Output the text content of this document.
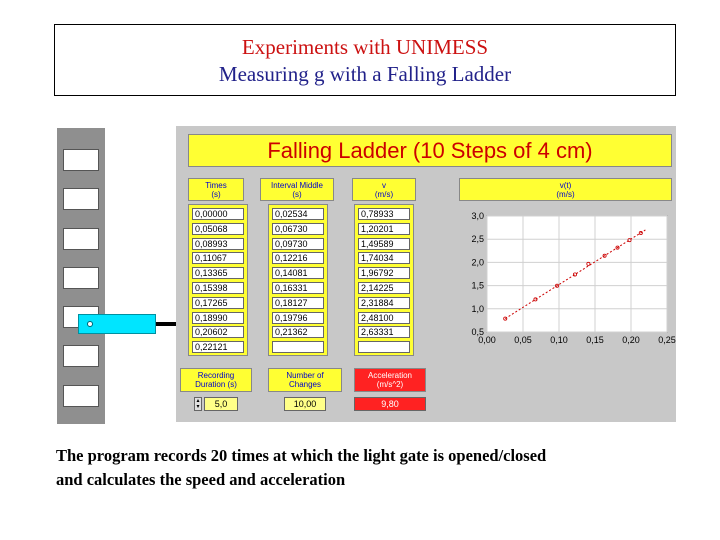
Experiments with UNIMESS
Measuring g with a Falling Ladder
Falling Ladder (10 Steps of 4 cm)
Times
(s)
Interval Middle
(s)
v
(m/s)
v(t)
(m/s)
0,00000
0,05068
0,08993
0,11067
0,13365
0,15398
0,17265
0,18990
0,20602
0,22121
0,02534
0,06730
0,09730
0,12216
0,14081
0,16331
0,18127
0,19796
0,21362
0,78933
1,20201
1,49589
1,74034
1,96792
2,14225
2,31884
2,48100
2,63331
3,0
2,5
2,0
1,5
1,0
0,5
0,00 0,05 0,10 0,15 0,20 0,25
Recording
Duration (s)
▴
▾	5,0
Number of
Changes
10,00
Acceleration
(m/s^2)
9,80
The program records 20 times at which the light gate is opened/closed
and calculates the speed and acceleration
